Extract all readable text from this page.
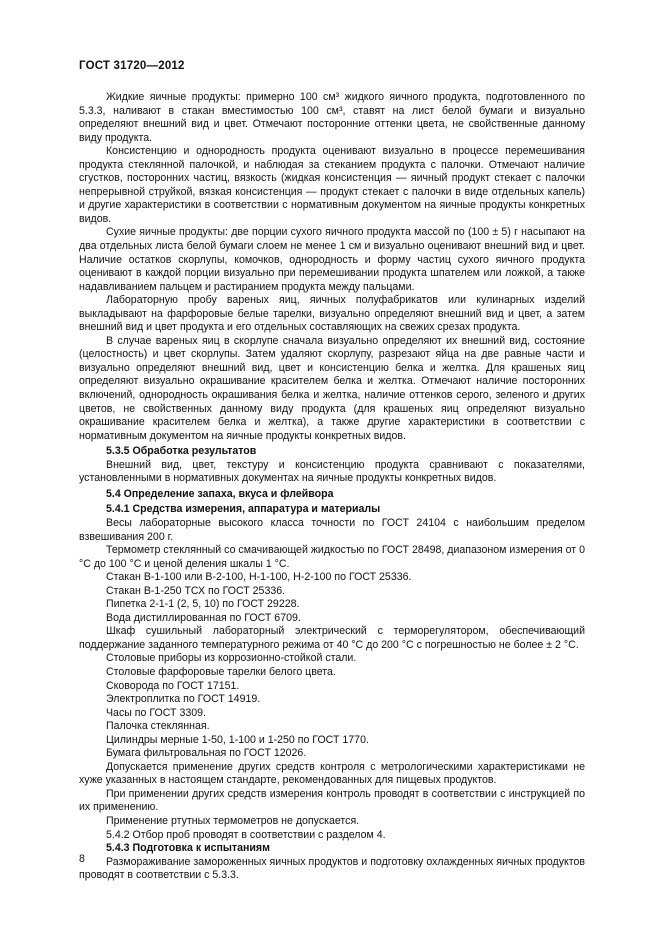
ГОСТ 31720—2012

Жидкие яичные продукты: примерно 100 см³ жидкого яичного продукта, подготовленного по 5.3.3, наливают в стакан вместимостью 100 см³, ставят на лист белой бумаги и визуально определяют внешний вид и цвет. Отмечают посторонние оттенки цвета, не свойственные данному виду продукта.

Консистенцию и однородность продукта оценивают визуально в процессе перемешивания продукта стеклянной палочкой, и наблюдая за стеканием продукта с палочки. Отмечают наличие сгустков, посторонних частиц, вязкость (жидкая консистенция — яичный продукт стекает с палочки непрерывной струйкой, вязкая консистенция — продукт стекает с палочки в виде отдельных капель) и другие характеристики в соответствии с нормативным документом на яичные продукты конкретных видов.

Сухие яичные продукты: две порции сухого яичного продукта массой по (100 ± 5) г насыпают на два отдельных листа белой бумаги слоем не менее 1 см и визуально оценивают внешний вид и цвет. Наличие остатков скорлупы, комочков, однородность и форму частиц сухого яичного продукта оценивают в каждой порции визуально при перемешивании продукта шпателем или ложкой, а также надавливанием пальцем и растиранием продукта между пальцами.

Лабораторную пробу вареных яиц, яичных полуфабрикатов или кулинарных изделий выкладывают на фарфоровые белые тарелки, визуально определяют внешний вид и цвет, а затем внешний вид и цвет продукта и его отдельных составляющих на свежих срезах продукта.

В случае вареных яиц в скорлупе сначала визуально определяют их внешний вид, состояние (целостность) и цвет скорлупы. Затем удаляют скорлупу, разрезают яйца на две равные части и визуально определяют внешний вид, цвет и консистенцию белка и желтка. Для крашеных яиц определяют визуально окрашивание красителем белка и желтка. Отмечают наличие посторонних включений, однородность окрашивания белка и желтка, наличие оттенков серого, зеленого и других цветов, не свойственных данному виду продукта (для крашеных яиц определяют визуально окрашивание красителем белка и желтка), а также другие характеристики в соответствии с нормативным документом на яичные продукты конкретных видов.

5.3.5 Обработка результатов

Внешний вид, цвет, текстуру и консистенцию продукта сравнивают с показателями, установленными в нормативных документах на яичные продукты конкретных видов.

5.4 Определение запаха, вкуса и флейвора

5.4.1 Средства измерения, аппаратура и материалы

Весы лабораторные высокого класса точности по ГОСТ 24104 с наибольшим пределом взвешивания 200 г.

Термометр стеклянный со смачивающей жидкостью по ГОСТ 28498, диапазоном измерения от 0 °С до 100 °С и ценой деления шкалы 1 °С.

Стакан В-1-100 или В-2-100, Н-1-100, Н-2-100 по ГОСТ 25336.

Стакан В-1-250 ТСХ по ГОСТ 25336.

Пипетка 2-1-1 (2, 5, 10) по ГОСТ 29228.

Вода дистиллированная по ГОСТ 6709.

Шкаф сушильный лабораторный электрический с терморегулятором, обеспечивающий поддержание заданного температурного режима от 40 °С до 200 °С с погрешностью не более ± 2 °С.

Столовые приборы из коррозионно-стойкой стали.

Столовые фарфоровые тарелки белого цвета.

Сковорода по ГОСТ 17151.

Электроплитка по ГОСТ 14919.

Часы по ГОСТ 3309.

Палочка стеклянная.

Цилиндры мерные 1-50, 1-100 и 1-250 по ГОСТ 1770.

Бумага фильтровальная по ГОСТ 12026.

Допускается применение других средств контроля с метрологическими характеристиками не хуже указанных в настоящем стандарте, рекомендованных для пищевых продуктов.

При применении других средств измерения контроль проводят в соответствии с инструкцией по их применению.

Применение ртутных термометров не допускается.

5.4.2 Отбор проб проводят в соответствии с разделом 4.

5.4.3 Подготовка к испытаниям

Размораживание замороженных яичных продуктов и подготовку охлажденных яичных продуктов проводят в соответствии с 5.3.3.

8
